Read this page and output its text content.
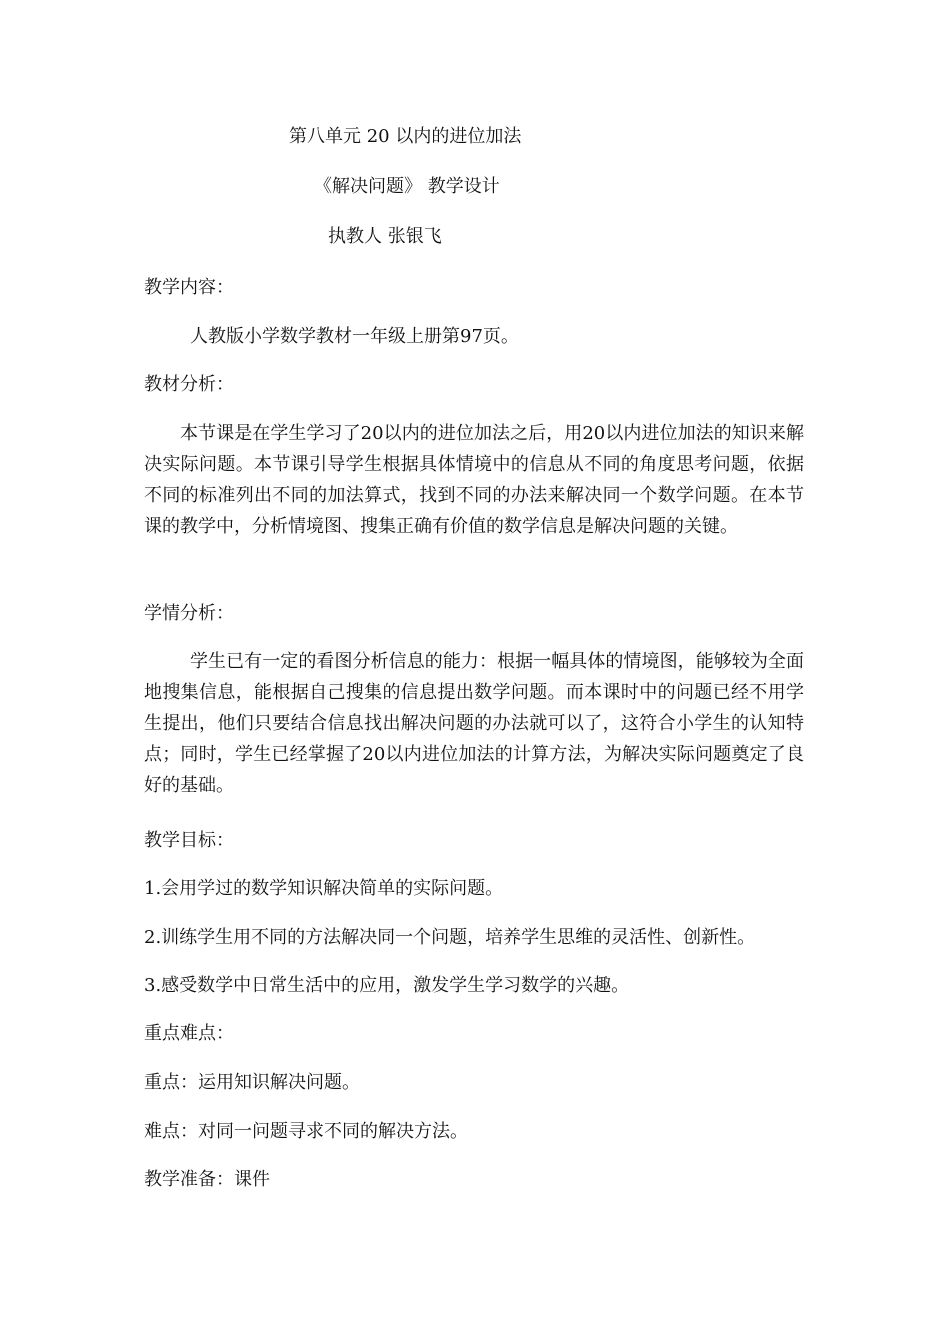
第八单元 20 以内的进位加法
《解决问题》 教学设计
执教人 张银飞
教学内容：
人教版小学数学教材一年级上册第97页。
教材分析：
本节课是在学生学习了20以内的进位加法之后，用20以内进位加法的知识来解决实际问题。本节课引导学生根据具体情境中的信息从不同的角度思考问题，依据不同的标准列出不同的加法算式，找到不同的办法来解决同一个数学问题。在本节课的教学中，分析情境图、搜集正确有价值的数学信息是解决问题的关键。
学情分析：
学生已有一定的看图分析信息的能力：根据一幅具体的情境图，能够较为全面地搜集信息，能根据自己搜集的信息提出数学问题。而本课时中的问题已经不用学生提出，他们只要结合信息找出解决问题的办法就可以了，这符合小学生的认知特点；同时，学生已经掌握了20以内进位加法的计算方法，为解决实际问题奠定了良好的基础。
教学目标：
1.会用学过的数学知识解决简单的实际问题。
2.训练学生用不同的方法解决同一个问题，培养学生思维的灵活性、创新性。
3.感受数学中日常生活中的应用，激发学生学习数学的兴趣。
重点难点：
重点：运用知识解决问题。
难点：对同一问题寻求不同的解决方法。
教学准备：课件
